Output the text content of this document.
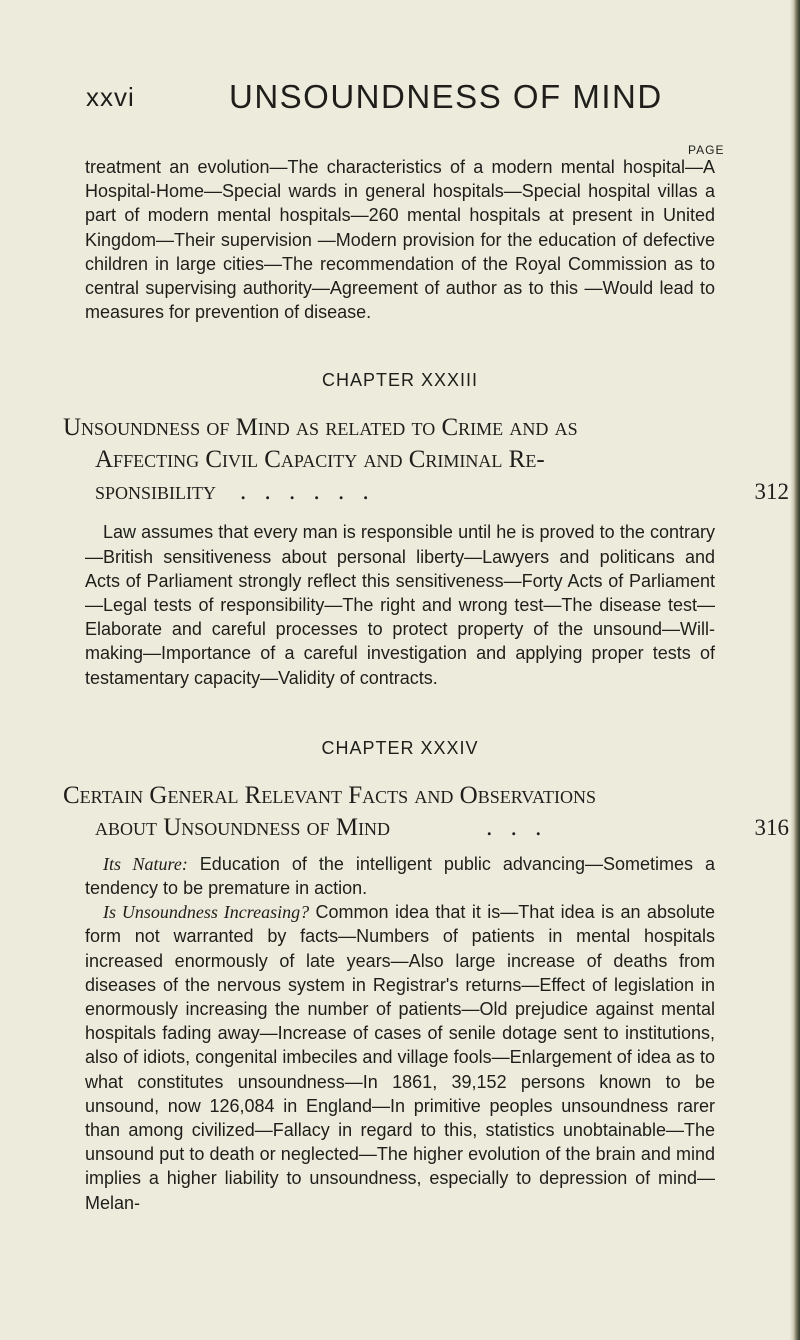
xxvi	UNSOUNDNESS OF MIND
PAGE

treatment an evolution—The characteristics of a modern mental hospital—A Hospital-Home—Special wards in general hospitals—Special hospital villas a part of modern mental hospitals—260 mental hospitals at present in United Kingdom—Their supervision —Modern provision for the education of defective children in large cities—The recommendation of the Royal Commission as to central supervising authority—Agreement of author as to this —Would lead to measures for prevention of disease.

CHAPTER XXXIII

Unsoundness of Mind as related to Crime and as
Affecting Civil Capacity and Criminal Re-
sponsibility . . . . . .	312

Law assumes that every man is responsible until he is proved to the contrary—British sensitiveness about personal liberty—Lawyers and politicans and Acts of Parliament strongly reflect this sensitiveness—Forty Acts of Parliament—Legal tests of responsibility—The right and wrong test—The disease test—Elaborate and careful processes to protect property of the unsound—Will-making—Importance of a careful investigation and applying proper tests of testamentary capacity—Validity of contracts.

CHAPTER XXXIV

Certain General Relevant Facts and Observations
about Unsoundness of Mind	. . .	316

Its Nature: Education of the intelligent public advancing—Sometimes a tendency to be premature in action.

Is Unsoundness Increasing? Common idea that it is—That idea is an absolute form not warranted by facts—Numbers of patients in mental hospitals increased enormously of late years—Also large increase of deaths from diseases of the nervous system in Registrar's returns—Effect of legislation in enormously increasing the number of patients—Old prejudice against mental hospitals fading away—Increase of cases of senile dotage sent to institutions, also of idiots, congenital imbeciles and village fools—Enlargement of idea as to what constitutes unsoundness—In 1861, 39,152 persons known to be unsound, now 126,084 in England—In primitive peoples unsoundness rarer than among civilized—Fallacy in regard to this, statistics unobtainable—The unsound put to death or neglected—The higher evolution of the brain and mind implies a higher liability to unsoundness, especially to depression of mind—Melan-
